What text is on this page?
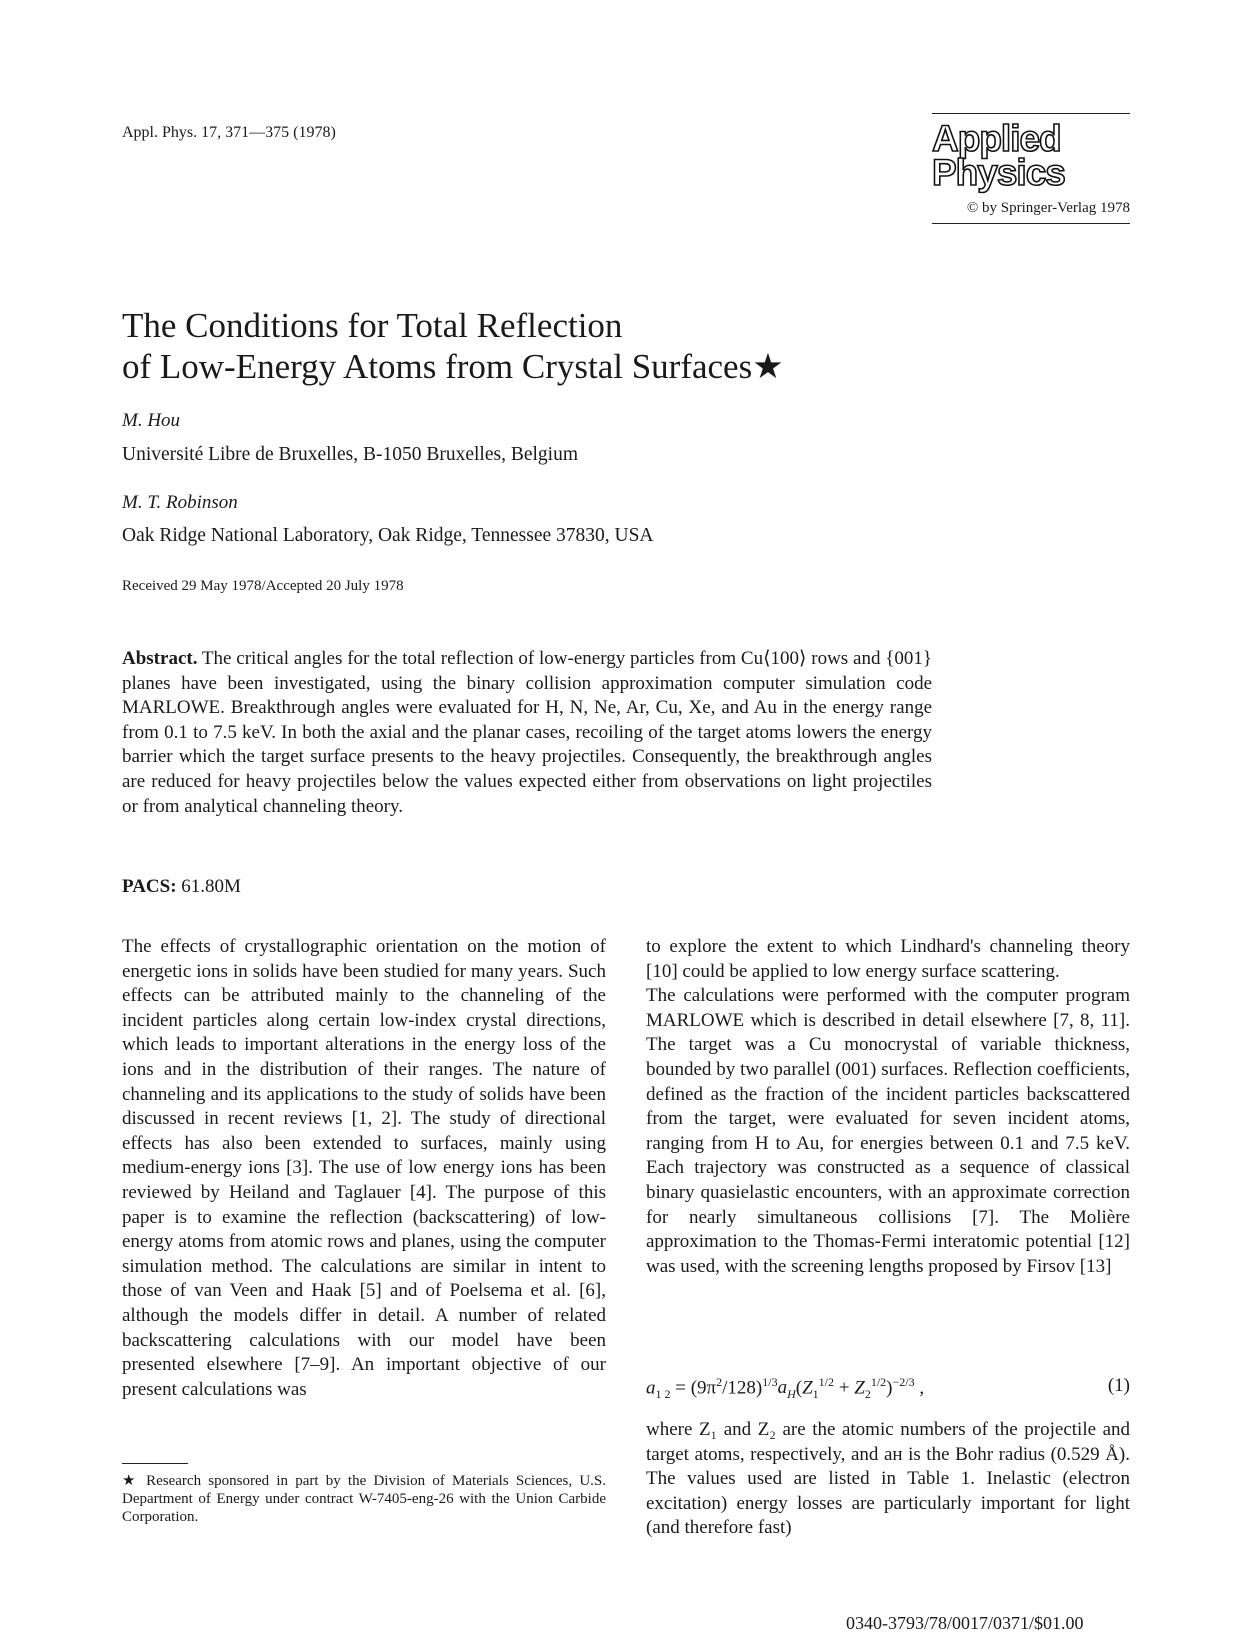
Appl. Phys. 17, 371—375 (1978)	Applied
Physics
© by Springer-Verlag 1978
The Conditions for Total Reflection
of Low-Energy Atoms from Crystal Surfaces★
M. Hou
Université Libre de Bruxelles, B-1050 Bruxelles, Belgium
M. T. Robinson
Oak Ridge National Laboratory, Oak Ridge, Tennessee 37830, USA
Received 29 May 1978/Accepted 20 July 1978
Abstract. The critical angles for the total reflection of low-energy particles from Cu⟨100⟩ rows and {001} planes have been investigated, using the binary collision approximation computer simulation code MARLOWE. Breakthrough angles were evaluated for H, N, Ne, Ar, Cu, Xe, and Au in the energy range from 0.1 to 7.5 keV. In both the axial and the planar cases, recoiling of the target atoms lowers the energy barrier which the target surface presents to the heavy projectiles. Consequently, the breakthrough angles are reduced for heavy projectiles below the values expected either from observations on light projectiles or from analytical channeling theory.
PACS: 61.80M
The effects of crystallographic orientation on the motion of energetic ions in solids have been studied for many years. Such effects can be attributed mainly to the channeling of the incident particles along certain low-index crystal directions, which leads to important alterations in the energy loss of the ions and in the distribution of their ranges. The nature of channeling and its applications to the study of solids have been discussed in recent reviews [1, 2]. The study of directional effects has also been extended to surfaces, mainly using medium-energy ions [3]. The use of low energy ions has been reviewed by Heiland and Taglauer [4]. The purpose of this paper is to examine the reflection (backscattering) of low-energy atoms from atomic rows and planes, using the computer simulation method. The calculations are similar in intent to those of van Veen and Haak [5] and of Poelsema et al. [6], although the models differ in detail. A number of related backscattering calculations with our model have been presented elsewhere [7–9]. An important objective of our present calculations was

to explore the extent to which Lindhard's channeling theory [10] could be applied to low energy surface scattering.

The calculations were performed with the computer program MARLOWE which is described in detail elsewhere [7, 8, 11]. The target was a Cu monocrystal of variable thickness, bounded by two parallel (001) surfaces. Reflection coefficients, defined as the fraction of the incident particles backscattered from the target, were evaluated for seven incident atoms, ranging from H to Au, for energies between 0.1 and 7.5 keV. Each trajectory was constructed as a sequence of classical binary quasielastic encounters, with an approximate correction for nearly simultaneous collisions [7]. The Molière approximation to the Thomas-Fermi interatomic potential [12] was used, with the screening lengths proposed by Firsov [13]

$a_{1 2} = (9\pi^2/128)^{1/3}a_H(Z_1^{1/2} + Z_2^{1/2})^{-2/3}$ ,	(1)
where Z₁ and Z₂ are the atomic numbers of the projectile and target atoms, respectively, and aʜ is the Bohr radius (0.529 Å). The values used are listed in Table 1. Inelastic (electron excitation) energy losses are particularly important for light (and therefore fast)
★ Research sponsored in part by the Division of Materials Sciences, U.S. Department of Energy under contract W-7405-eng-26 with the Union Carbide Corporation.
0340-3793/78/0017/0371/$01.00
